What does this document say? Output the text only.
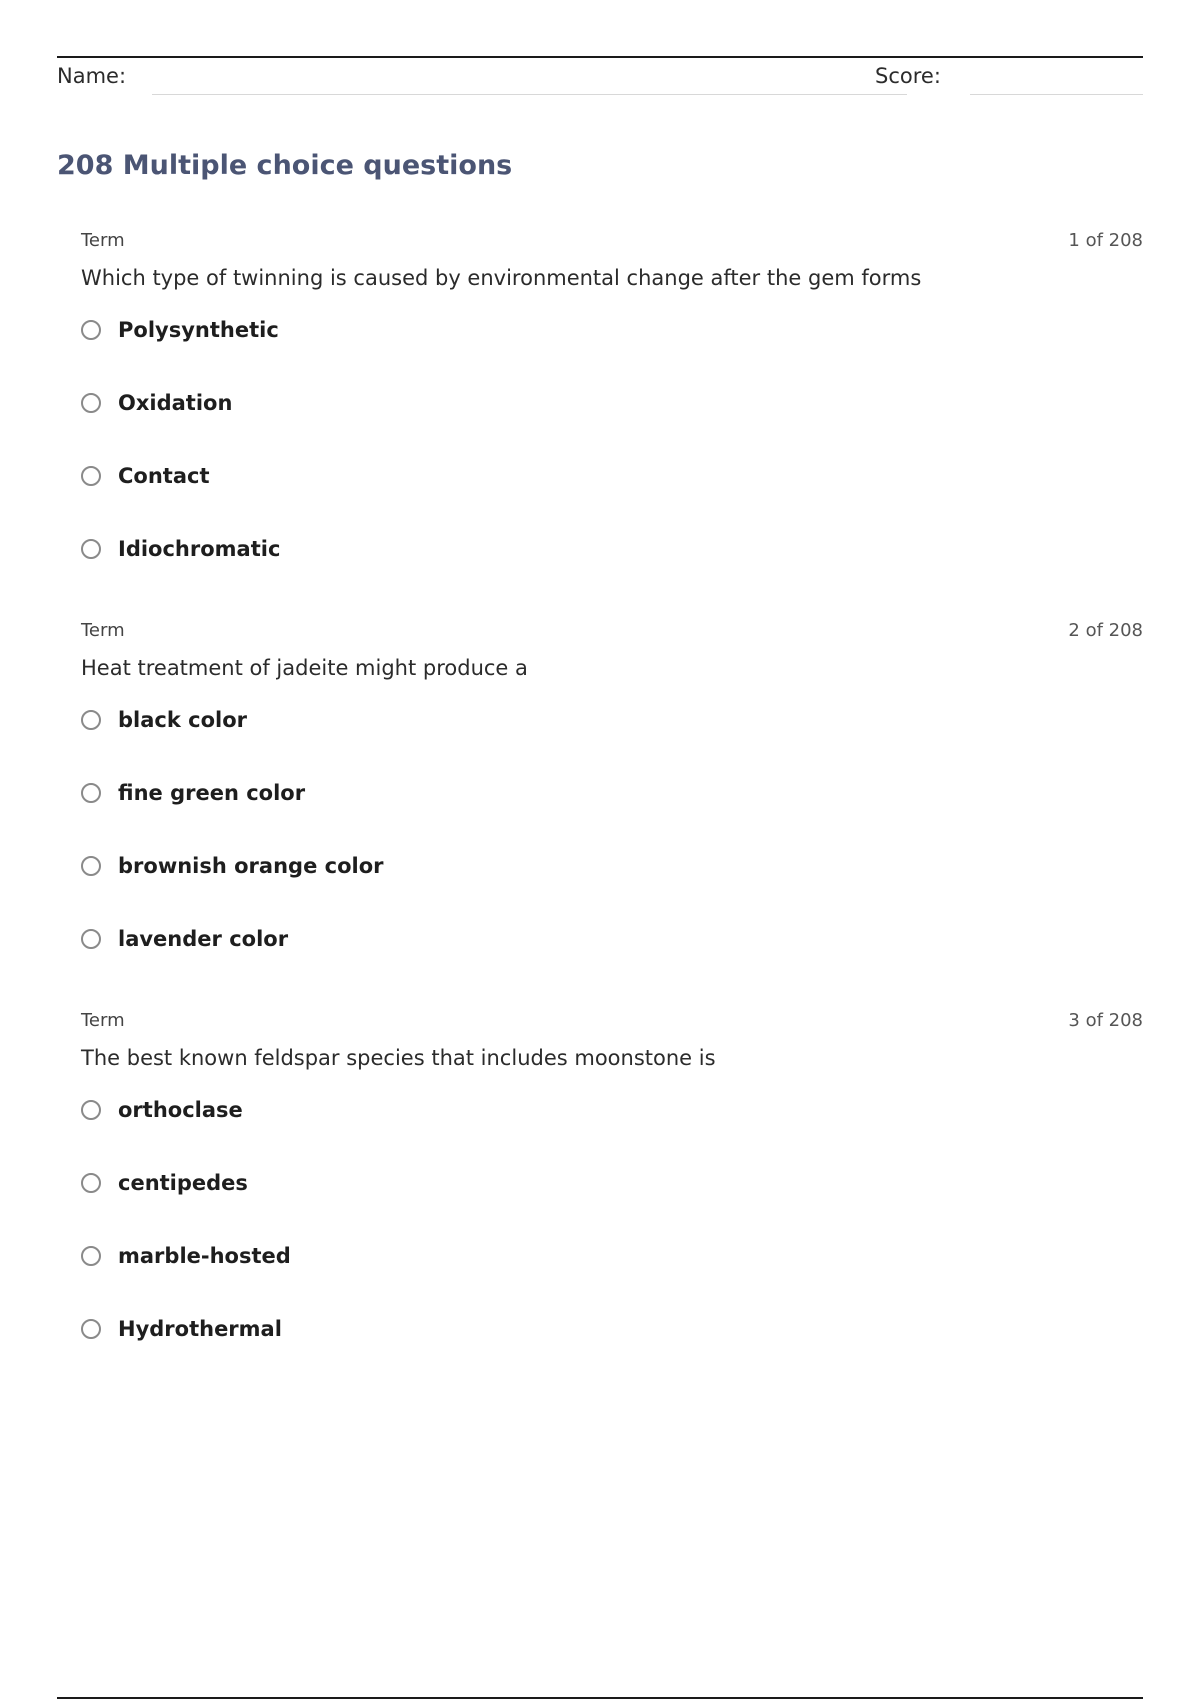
Name:	Score:
208 Multiple choice questions
Term	1 of 208
Which type of twinning is caused by environmental change after the gem forms
Polysynthetic
Oxidation
Contact
Idiochromatic
Term	2 of 208
Heat treatment of jadeite might produce a
black color
fine green color
brownish orange color
lavender color
Term	3 of 208
The best known feldspar species that includes moonstone is
orthoclase
centipedes
marble-hosted
Hydrothermal
